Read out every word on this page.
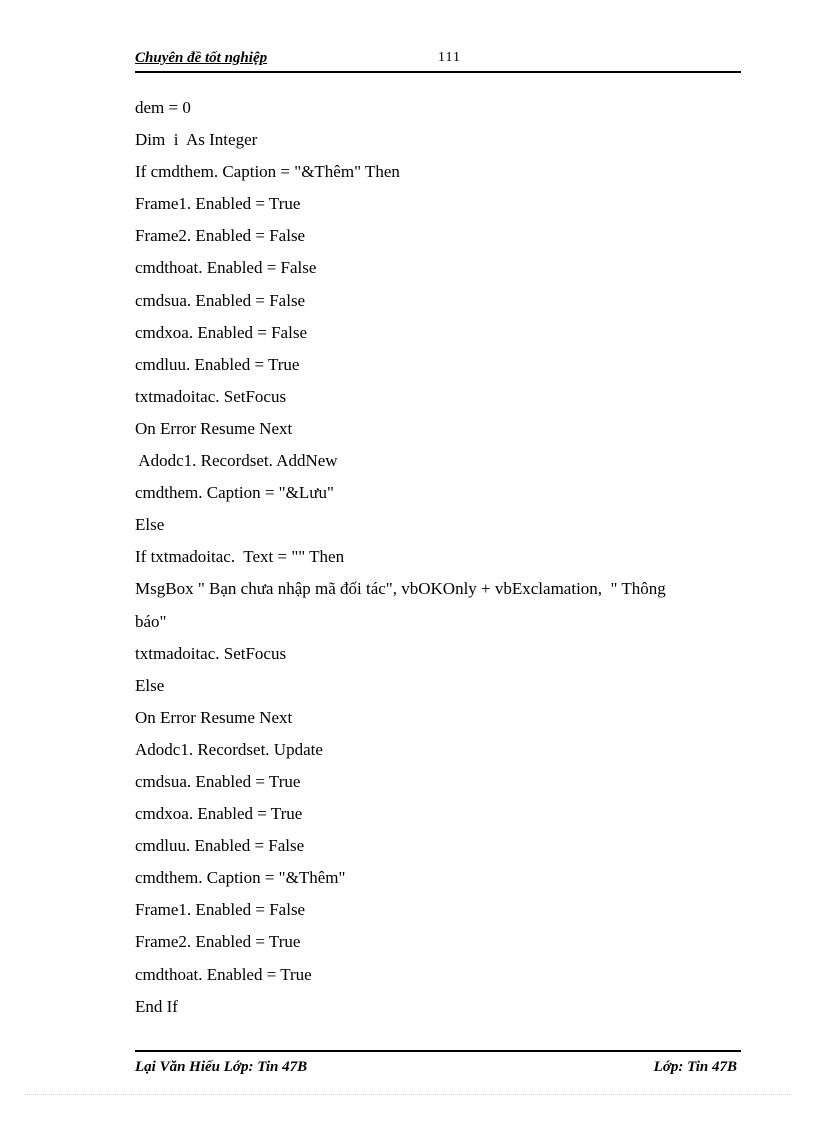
Chuyên đề tốt nghiệp	111
dem = 0
Dim  i  As Integer
If cmdthem. Caption = "&Thêm" Then
Frame1. Enabled = True
Frame2. Enabled = False
cmdthoat. Enabled = False
cmdsua. Enabled = False
cmdxoa. Enabled = False
cmdluu. Enabled = True
txtmadoitac. SetFocus
On Error Resume Next
Adodc1. Recordset. AddNew
cmdthem. Caption = "&Lưu"
Else
If txtmadoitac.  Text = "" Then
MsgBox " Bạn chưa nhập mã đối tác", vbOKOnly + vbExclamation,  " Thông
báo"
txtmadoitac. SetFocus
Else
On Error Resume Next
Adodc1. Recordset. Update
cmdsua. Enabled = True
cmdxoa. Enabled = True
cmdluu. Enabled = False
cmdthem. Caption = "&Thêm"
Frame1. Enabled = False
Frame2. Enabled = True
cmdthoat. Enabled = True
End If
Lại Văn Hiếu Lớp: Tin 47B	Lớp: Tin 47B
